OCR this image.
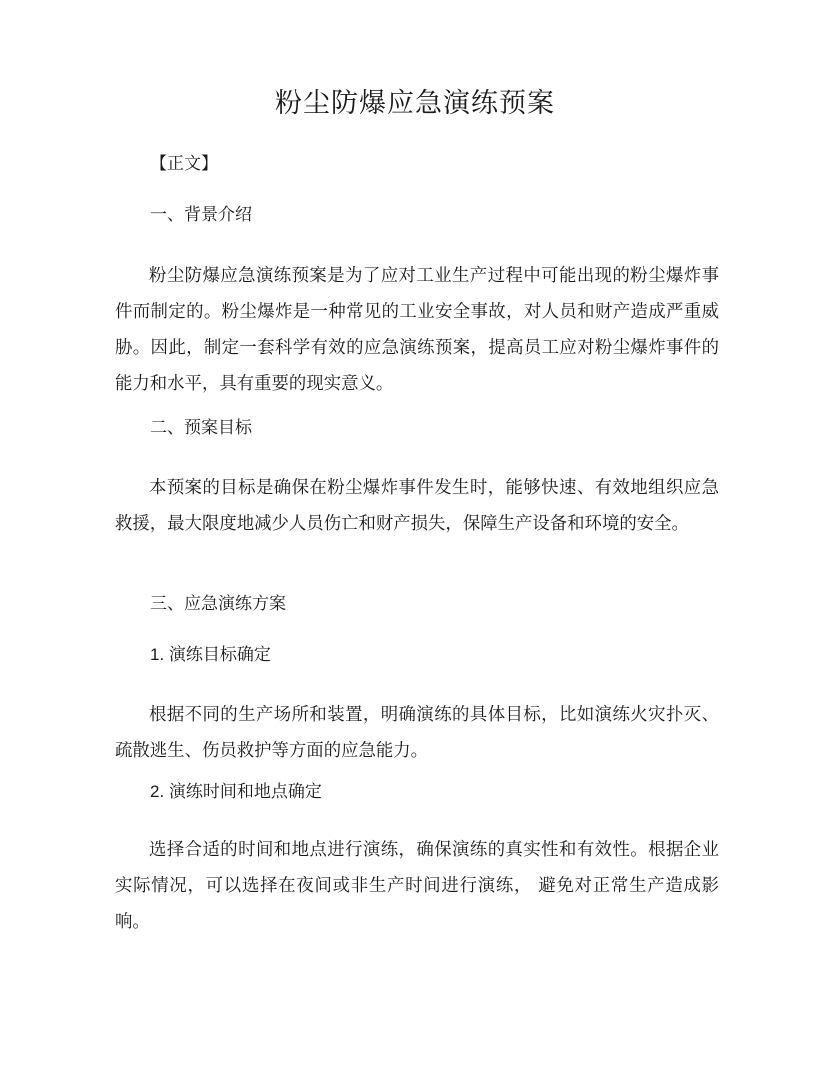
粉尘防爆应急演练预案
【正文】
一、背景介绍
粉尘防爆应急演练预案是为了应对工业生产过程中可能出现的粉尘爆炸事件而制定的。粉尘爆炸是一种常见的工业安全事故，对人员和财产造成严重威胁。因此，制定一套科学有效的应急演练预案，提高员工应对粉尘爆炸事件的能力和水平，具有重要的现实意义。
二、预案目标
本预案的目标是确保在粉尘爆炸事件发生时，能够快速、有效地组织应急救援，最大限度地减少人员伤亡和财产损失，保障生产设备和环境的安全。
三、应急演练方案
1. 演练目标确定
根据不同的生产场所和装置，明确演练的具体目标，比如演练火灾扑灭、疏散逃生、伤员救护等方面的应急能力。
2. 演练时间和地点确定
选择合适的时间和地点进行演练，确保演练的真实性和有效性。根据企业实际情况，可以选择在夜间或非生产时间进行演练， 避免对正常生产造成影响。
